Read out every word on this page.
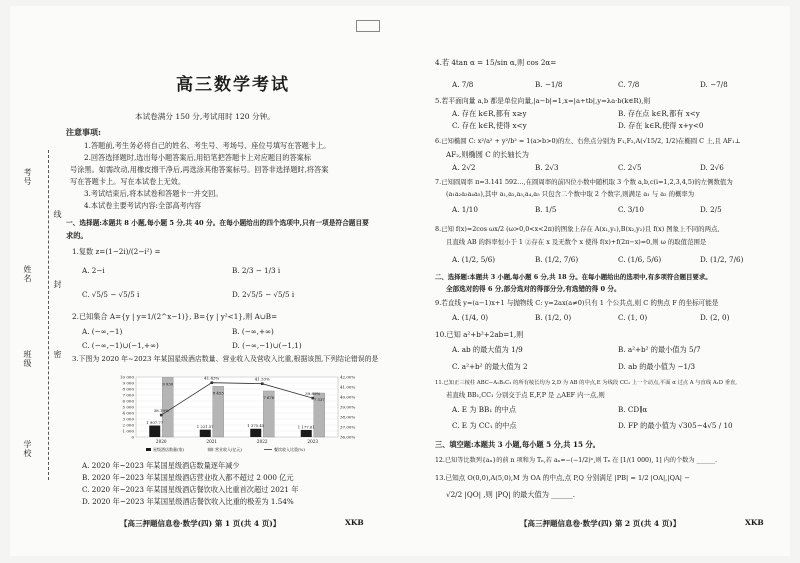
考号
姓名
班级
学校
线
封
密
高三数学考试
本试卷满分 150 分,考试用时 120 分钟。
注意事项:
1.答题前,考生务必将自己的姓名、考生号、考场号、座位号填写在答题卡上。
2.回答选择题时,选出每小题答案后,用铅笔把答题卡上对应题目的答案标
号涂黑。如需改动,用橡皮擦干净后,再选涂其他答案标号。回答非选择题时,将答案
写在答题卡上。写在本试卷上无效。
3.考试结束后,将本试卷和答题卡一并交回。
4.本试卷主要考试内容:全部高考内容
一、选择题:本题共 8 小题,每小题 5 分,共 40 分。在每小题给出的四个选项中,只有一项是符合题目要
求的。
1.复数 z=(1−2i)/(2−i²) =
A. 2−i	B. 2/3 − 1/3 i
C. √5/5 − √5/5 i	D. 2√5/5 − √5/5 i
2.已知集合 A={y | y=1/(2^x−1)}, B={y | y²<1},则 A∪B=
A. (−∞,−1)	B. (−∞,+∞)
C. (−∞,−1)∪(−1,+∞)	D. (−∞,−1)∪(−1,1)
3.下图为 2020 年~2023 年某国星级酒店数量、营业收入及营收入比重,根据该图,下列结论错误的是
10 000
9 000
8 000
7 000
6 000
5 000
4 000
3 000
2 000
1 000
0
42.00%
41.00%
40.00%
39.00%
38.00%
37.00%
36.00%
1 907.77
9 930
2020
1 221.57
8 453
2021
1 375.45
7 676
2022
1 177.61
7 337
2023
38.19%
41.43%	41.33%
39.89%
星级酒店数量(家)	营业收入(亿元)	餐饮收入比重(%)
A. 2020 年~2023 年某国星级酒店数量逐年减少
B. 2020 年~2023 年某国星级酒店营业收入都不超过 2 000 亿元
C. 2020 年~2023 年某国星级酒店餐饮收入比重首次超过 2021 年
D. 2020 年~2023 年某国星级酒店餐饮收入比重的极差为 1.54%
【高三押题信息卷·数学(四) 第 1 页(共 4 页)】	XKB
4.若 4tan α = 15/sin α,则 cos 2α=
A. 7/8	B. −1/8	C. 7/8	D. −7/8
5.若平面向量 a,b 都是单位向量,|a−b|=1,x=|a+tb|,y=λa·b(k∈R),则
A. 存在 k∈R,都有 x≥y	B. 存在点 k∈R,都有 x<y
C. 存在 k∈R,使得 x<y	D. 存在 k∈R,使得 x+y<0
6.已知椭圆 C: x²/a² + y²/b² = 1(a>b>0)的左、右焦点分别为 F₁,F₂,A(√15/2, 1/2)在椭圆 C 上,且 AF₁⊥
AF₂,则椭圆 C 的长轴长为
A. 2√2	B. 2√3	C. 2√5	D. 2√6
7.已知圆周率 π=3.141 592…,在圆周率的前四位小数中随机取 3 个数 a,b,c(i=1,2,3,4,5)的左侧数值为
(a₁a₂a₃a₄a₅),其中 a₁,a₂,a₃,a₄,a₅ 只包含二个数中取 2 个数字,则满足 a₁ 与 a₂ 的概率为
A. 1/10	B. 1/5	C. 3/10	D. 2/5
8.已知 f(x)=2cos ωx/2 (ω>0,0<x<2π)的图象上存在 A(x₁,y₁),B(x₂,y₂)且 f(x) 图象上不同的两点,
且直线 AB 的斜率恒小于 1 ②存在 x 及无数个 x 使得 f(x)+f(2π−x)=0,则 ω 的取值范围是
A. (1/2, 5/6)	B. (1/2, 7/6)	C. (1/6, 5/6)	D. (1/2, 7/6)
二、选择题:本题共 3 小题,每小题 6 分,共 18 分。在每小题给出的选项中,有多项符合题目要求。
全部选对的得 6 分,部分选对的得部分分,有选错的得 0 分。
9.若直线 y=(a−1)x+1 与抛物线 C: y=2ax(a≠0)只有 1 个公共点,则 C 的焦点 F 的坐标可能是
A. (1/4, 0)	B. (1/2, 0)	C. (1, 0)	D. (2, 0)
10.已知 a²+b²+2ab=1,则
A. ab 的最大值为 1/9	B. a²+b² 的最小值为 5/7
C. a²+b² 的最大值为 2	D. ab 的最小值为 −1/3
11.已知正三棱柱 ABC−A₁B₁C₁ 的所有棱长均为 2,D 为 AB 的中点,E 为线段 CC₁ 上一个动点,平面 α 过点 A 与直线 A₁D 垂直,
若直线 BB₁,CC₁ 分别交于点 E,F,P 是 △AEF 内一点,则
A. E 为 BB₁ 的中点	B. CD∥α
C. E 为 CC₁ 的中点	D. FP 的最小值为 √305−4√5 / 10
三、填空题:本题共 3 小题,每小题 5 分,共 15 分。
12.已知等比数列{aₙ}的前 n 项和为 Tₙ,若 aₙ=−(−1/2)ⁿ,则 Tₙ 在 [1/(1 000), 1] 内的个数为 ______.
13.已知点 O(0,0),A(5,0),M 为 OA 的中点,点 P,Q 分别满足 |PB| = 1/2 |OA|,|QA| −
√2/2 |QO| ,则 |PQ| 的最大值为 ______.
【高三押题信息卷·数学(四) 第 2 页(共 4 页)】	XKB
